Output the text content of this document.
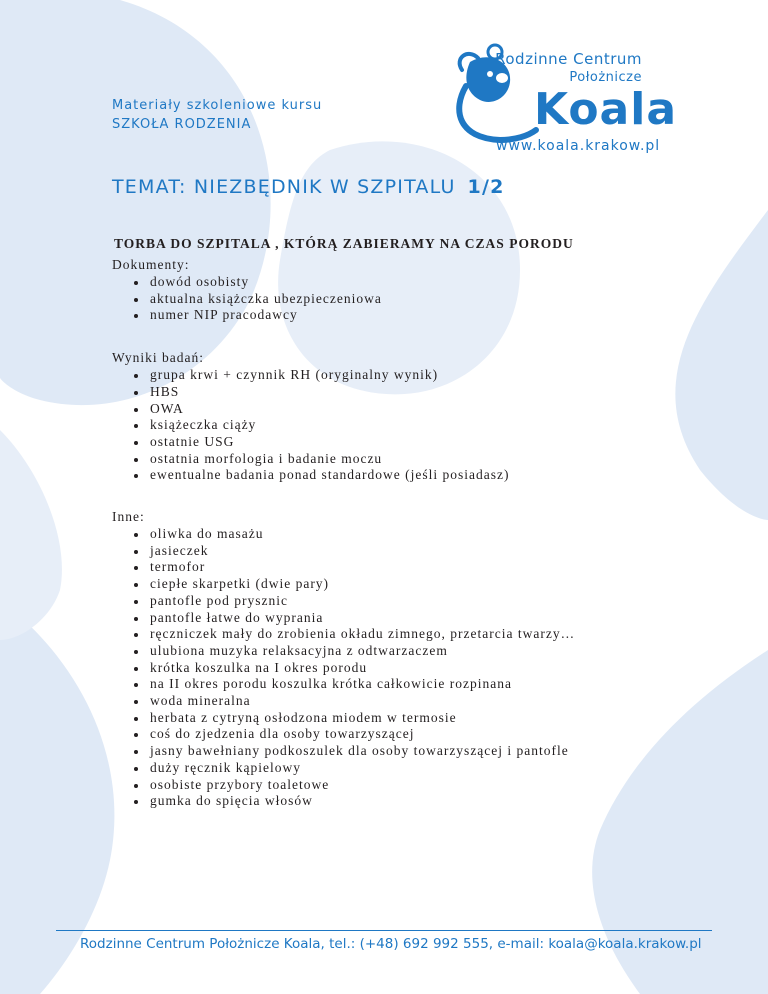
Materiały szkoleniowe kursu
SZKOŁA RODZENIA
Rodzinne Centrum
Położnicze
Koala
www.koala.krakow.pl
TEMAT: NIEZBĘDNIK W SZPITALU 1/2
TORBA DO SZPITALA , KTÓRĄ ZABIERAMY NA CZAS PORODU
Dokumenty:
dowód osobisty
aktualna książczka ubezpieczeniowa
numer NIP pracodawcy
Wyniki badań:
grupa krwi + czynnik RH (oryginalny wynik)
HBS
OWA
książeczka ciąży
ostatnie USG
ostatnia morfologia i badanie moczu
ewentualne badania ponad standardowe (jeśli posiadasz)
Inne:
oliwka do masażu
jasieczek
termofor
ciepłe skarpetki (dwie pary)
pantofle pod prysznic
pantofle łatwe do wyprania
ręczniczek mały do zrobienia okładu zimnego, przetarcia twarzy…
ulubiona muzyka relaksacyjna z odtwarzaczem
krótka koszulka na I okres porodu
na II okres porodu koszulka krótka całkowicie rozpinana
woda mineralna
herbata z cytryną osłodzona miodem w termosie
coś do zjedzenia dla osoby towarzyszącej
jasny bawełniany podkoszulek dla osoby towarzyszącej i pantofle
duży ręcznik kąpielowy
osobiste przybory toaletowe
gumka do spięcia włosów
Rodzinne Centrum Położnicze Koala, tel.: (+48) 692 992 555, e-mail: koala@koala.krakow.pl
